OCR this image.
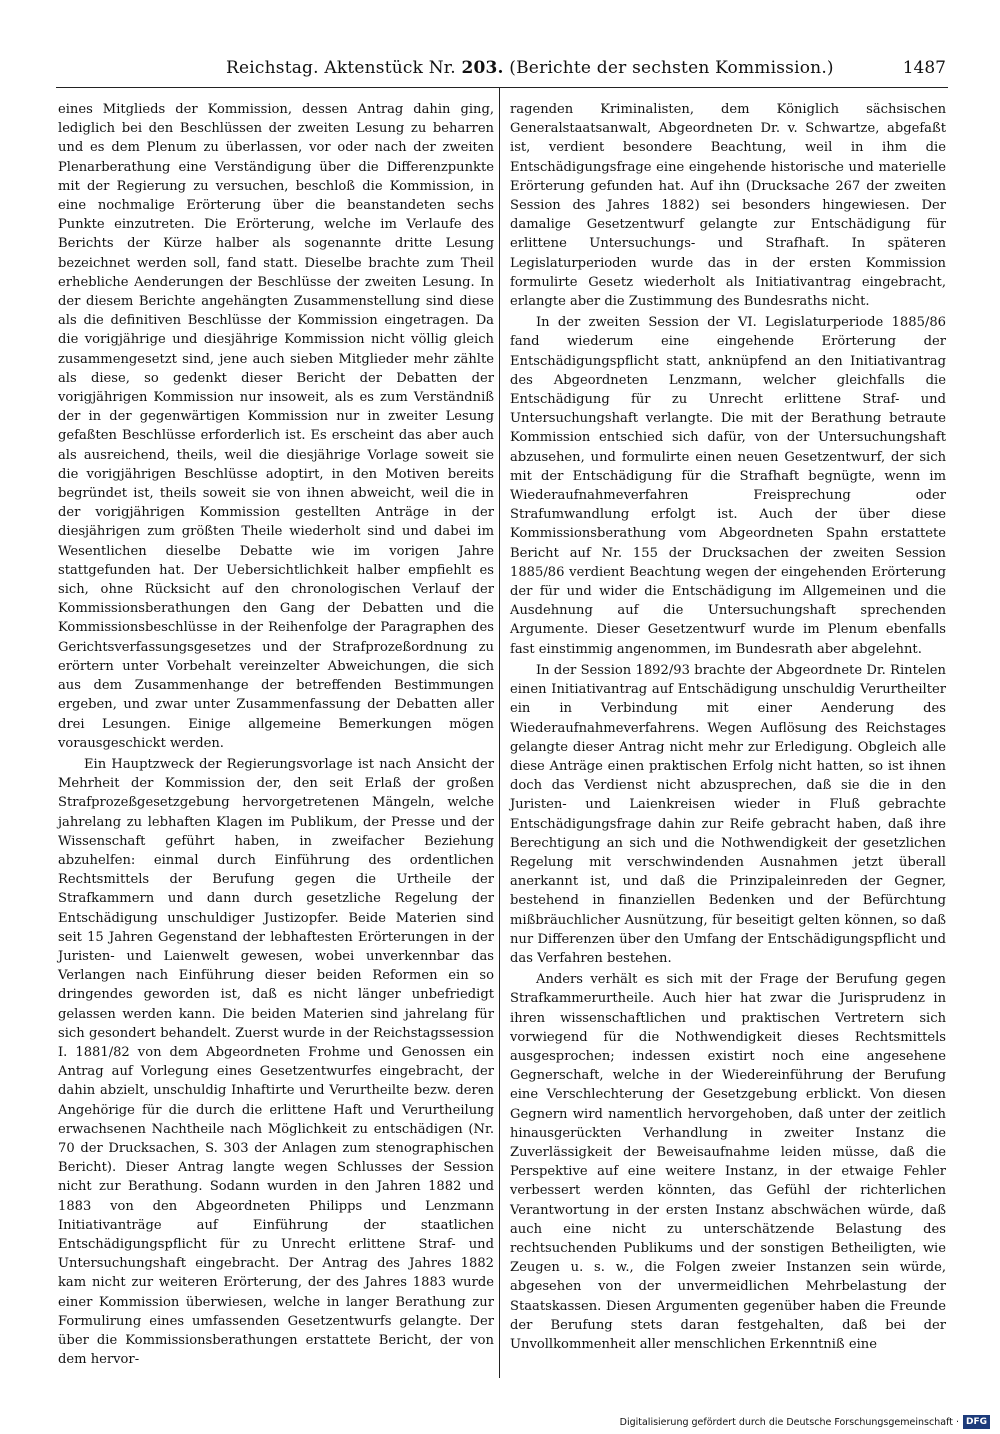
Reichstag. Aktenstück Nr. 203. (Berichte der sechsten Kommission.)	1487

eines Mitglieds der Kommission, dessen Antrag dahin ging, lediglich bei den Beschlüssen der zweiten Lesung zu beharren und es dem Plenum zu überlassen, vor oder nach der zweiten Plenarberathung eine Verständigung über die Differenzpunkte mit der Regierung zu versuchen, beschloß die Kommission, in eine nochmalige Erörterung über die beanstandeten sechs Punkte einzutreten. Die Erörterung, welche im Verlaufe des Berichts der Kürze halber als sogenannte dritte Lesung bezeichnet werden soll, fand statt. Dieselbe brachte zum Theil erhebliche Aenderungen der Beschlüsse der zweiten Lesung. In der diesem Berichte angehängten Zusammenstellung sind diese als die definitiven Beschlüsse der Kommission eingetragen. Da die vorigjährige und diesjährige Kommission nicht völlig gleich zusammengesetzt sind, jene auch sieben Mitglieder mehr zählte als diese, so gedenkt dieser Bericht der Debatten der vorigjährigen Kommission nur insoweit, als es zum Verständniß der in der gegenwärtigen Kommission nur in zweiter Lesung gefaßten Beschlüsse erforderlich ist. Es erscheint das aber auch als ausreichend, theils, weil die diesjährige Vorlage soweit sie die vorigjährigen Beschlüsse adoptirt, in den Motiven bereits begründet ist, theils soweit sie von ihnen abweicht, weil die in der vorigjährigen Kommission gestellten Anträge in der diesjährigen zum größten Theile wiederholt sind und dabei im Wesentlichen dieselbe Debatte wie im vorigen Jahre stattgefunden hat. Der Uebersichtlichkeit halber empfiehlt es sich, ohne Rücksicht auf den chronologischen Verlauf der Kommissionsberathungen den Gang der Debatten und die Kommissionsbeschlüsse in der Reihenfolge der Paragraphen des Gerichtsverfassungsgesetzes und der Strafprozeßordnung zu erörtern unter Vorbehalt vereinzelter Abweichungen, die sich aus dem Zusammenhange der betreffenden Bestimmungen ergeben, und zwar unter Zusammenfassung der Debatten aller drei Lesungen. Einige allgemeine Bemerkungen mögen vorausgeschickt werden.

Ein Hauptzweck der Regierungsvorlage ist nach Ansicht der Mehrheit der Kommission der, den seit Erlaß der großen Strafprozeßgesetzgebung hervorgetretenen Mängeln, welche jahrelang zu lebhaften Klagen im Publikum, der Presse und der Wissenschaft geführt haben, in zweifacher Beziehung abzuhelfen: einmal durch Einführung des ordentlichen Rechtsmittels der Berufung gegen die Urtheile der Strafkammern und dann durch gesetzliche Regelung der Entschädigung unschuldiger Justizopfer. Beide Materien sind seit 15 Jahren Gegenstand der lebhaftesten Erörterungen in der Juristen- und Laienwelt gewesen, wobei unverkennbar das Verlangen nach Einführung dieser beiden Reformen ein so dringendes geworden ist, daß es nicht länger unbefriedigt gelassen werden kann. Die beiden Materien sind jahrelang für sich gesondert behandelt. Zuerst wurde in der Reichstagssession I. 1881/82 von dem Abgeordneten Frohme und Genossen ein Antrag auf Vorlegung eines Gesetzentwurfes eingebracht, der dahin abzielt, unschuldig Inhaftirte und Verurtheilte bezw. deren Angehörige für die durch die erlittene Haft und Verurtheilung erwachsenen Nachtheile nach Möglichkeit zu entschädigen (Nr. 70 der Drucksachen, S. 303 der Anlagen zum stenographischen Bericht). Dieser Antrag langte wegen Schlusses der Session nicht zur Berathung. Sodann wurden in den Jahren 1882 und 1883 von den Abgeordneten Philipps und Lenzmann Initiativanträge auf Einführung der staatlichen Entschädigungspflicht für zu Unrecht erlittene Straf- und Untersuchungshaft eingebracht. Der Antrag des Jahres 1882 kam nicht zur weiteren Erörterung, der des Jahres 1883 wurde einer Kommission überwiesen, welche in langer Berathung zur Formulirung eines umfassenden Gesetzentwurfs gelangte. Der über die Kommissionsberathungen erstattete Bericht, der von dem hervor-

ragenden Kriminalisten, dem Königlich sächsischen Generalstaatsanwalt, Abgeordneten Dr. v. Schwartze, abgefaßt ist, verdient besondere Beachtung, weil in ihm die Entschädigungsfrage eine eingehende historische und materielle Erörterung gefunden hat. Auf ihn (Drucksache 267 der zweiten Session des Jahres 1882) sei besonders hingewiesen. Der damalige Gesetzentwurf gelangte zur Entschädigung für erlittene Untersuchungs- und Strafhaft. In späteren Legislaturperioden wurde das in der ersten Kommission formulirte Gesetz wiederholt als Initiativantrag eingebracht, erlangte aber die Zustimmung des Bundesraths nicht.

In der zweiten Session der VI. Legislaturperiode 1885/86 fand wiederum eine eingehende Erörterung der Entschädigungspflicht statt, anknüpfend an den Initiativantrag des Abgeordneten Lenzmann, welcher gleichfalls die Entschädigung für zu Unrecht erlittene Straf- und Untersuchungshaft verlangte. Die mit der Berathung betraute Kommission entschied sich dafür, von der Untersuchungshaft abzusehen, und formulirte einen neuen Gesetzentwurf, der sich mit der Entschädigung für die Strafhaft begnügte, wenn im Wiederaufnahmeverfahren Freisprechung oder Strafumwandlung erfolgt ist. Auch der über diese Kommissionsberathung vom Abgeordneten Spahn erstattete Bericht auf Nr. 155 der Drucksachen der zweiten Session 1885/86 verdient Beachtung wegen der eingehenden Erörterung der für und wider die Entschädigung im Allgemeinen und die Ausdehnung auf die Untersuchungshaft sprechenden Argumente. Dieser Gesetzentwurf wurde im Plenum ebenfalls fast einstimmig angenommen, im Bundesrath aber abgelehnt.

In der Session 1892/93 brachte der Abgeordnete Dr. Rintelen einen Initiativantrag auf Entschädigung unschuldig Verurtheilter ein in Verbindung mit einer Aenderung des Wiederaufnahmeverfahrens. Wegen Auflösung des Reichstages gelangte dieser Antrag nicht mehr zur Erledigung. Obgleich alle diese Anträge einen praktischen Erfolg nicht hatten, so ist ihnen doch das Verdienst nicht abzusprechen, daß sie die in den Juristen- und Laienkreisen wieder in Fluß gebrachte Entschädigungsfrage dahin zur Reife gebracht haben, daß ihre Berechtigung an sich und die Nothwendigkeit der gesetzlichen Regelung mit verschwindenden Ausnahmen jetzt überall anerkannt ist, und daß die Prinzipaleinreden der Gegner, bestehend in finanziellen Bedenken und der Befürchtung mißbräuchlicher Ausnützung, für beseitigt gelten können, so daß nur Differenzen über den Umfang der Entschädigungspflicht und das Verfahren bestehen.

Anders verhält es sich mit der Frage der Berufung gegen Strafkammerurtheile. Auch hier hat zwar die Jurisprudenz in ihren wissenschaftlichen und praktischen Vertretern sich vorwiegend für die Nothwendigkeit dieses Rechtsmittels ausgesprochen; indessen existirt noch eine angesehene Gegnerschaft, welche in der Wiedereinführung der Berufung eine Verschlechterung der Gesetzgebung erblickt. Von diesen Gegnern wird namentlich hervorgehoben, daß unter der zeitlich hinausgerückten Verhandlung in zweiter Instanz die Zuverlässigkeit der Beweisaufnahme leiden müsse, daß die Perspektive auf eine weitere Instanz, in der etwaige Fehler verbessert werden könnten, das Gefühl der richterlichen Verantwortung in der ersten Instanz abschwächen würde, daß auch eine nicht zu unterschätzende Belastung des rechtsuchenden Publikums und der sonstigen Betheiligten, wie Zeugen u. s. w., die Folgen zweier Instanzen sein würde, abgesehen von der unvermeidlichen Mehrbelastung der Staatskassen. Diesen Argumenten gegenüber haben die Freunde der Berufung stets daran festgehalten, daß bei der Unvollkommenheit aller menschlichen Erkenntniß eine

Digitalisierung gefördert durch die Deutsche Forschungsgemeinschaft · DFG
